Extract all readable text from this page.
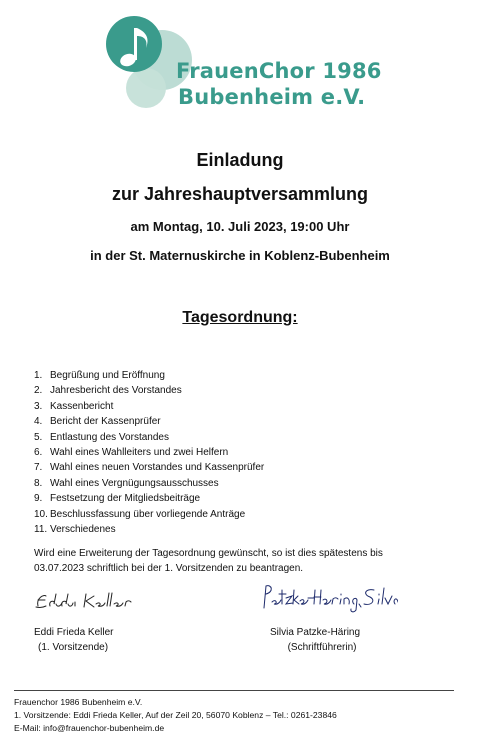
FrauenChor 1986
Bubenheim e.V.
Einladung
zur Jahreshauptversammlung
am Montag, 10. Juli 2023, 19:00 Uhr
in der St. Maternuskirche in Koblenz-Bubenheim
Tagesordnung:
1. Begrüßung und Eröffnung
2. Jahresbericht des Vorstandes
3. Kassenbericht
4. Bericht der Kassenprüfer
5. Entlastung des Vorstandes
6. Wahl eines Wahlleiters und zwei Helfern
7. Wahl eines neuen Vorstandes und Kassenprüfer
8. Wahl eines Vergnügungsausschusses
9. Festsetzung der Mitgliedsbeiträge
10. Beschlussfassung über vorliegende Anträge
11. Verschiedenes
Wird eine Erweiterung der Tagesordnung gewünscht, so ist dies spätestens bis
03.07.2023 schriftlich bei der 1. Vorsitzenden zu beantragen.
Eddi Frieda Keller
(1. Vorsitzende)
Silvia Patzke-Häring
(Schriftführerin)
Frauenchor 1986 Bubenheim e.V.
1. Vorsitzende: Eddi Frieda Keller, Auf der Zeil 20, 56070 Koblenz – Tel.: 0261-23846
E-Mail: info@frauenchor-bubenheim.de
